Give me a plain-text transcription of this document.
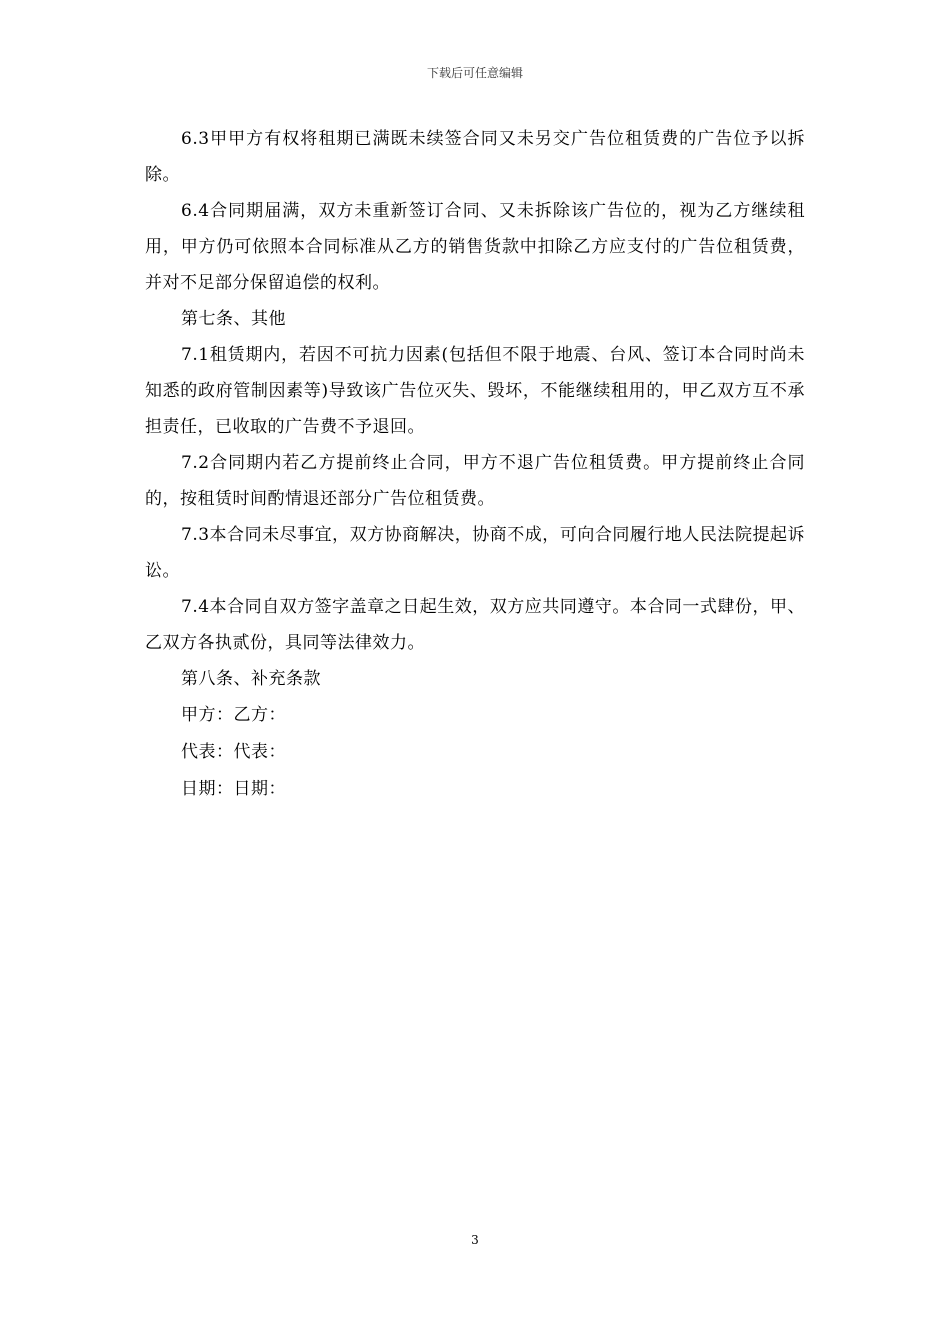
下载后可任意编辑

6.3甲甲方有权将租期已满既未续签合同又未另交广告位租赁费的广告位予以拆除。

6.4合同期届满，双方未重新签订合同、又未拆除该广告位的，视为乙方继续租用，甲方仍可依照本合同标准从乙方的销售货款中扣除乙方应支付的广告位租赁费，并对不足部分保留追偿的权利。

第七条、其他

7.1租赁期内，若因不可抗力因素(包括但不限于地震、台风、签订本合同时尚未知悉的政府管制因素等)导致该广告位灭失、毁坏，不能继续租用的，甲乙双方互不承担责任，已收取的广告费不予退回。

7.2合同期内若乙方提前终止合同，甲方不退广告位租赁费。甲方提前终止合同的，按租赁时间酌情退还部分广告位租赁费。

7.3本合同未尽事宜，双方协商解决，协商不成，可向合同履行地人民法院提起诉讼。

7.4本合同自双方签字盖章之日起生效，双方应共同遵守。本合同一式肆份，甲、乙双方各执贰份，具同等法律效力。

第八条、补充条款

甲方：乙方：

代表：代表：

日期：日期：

3
